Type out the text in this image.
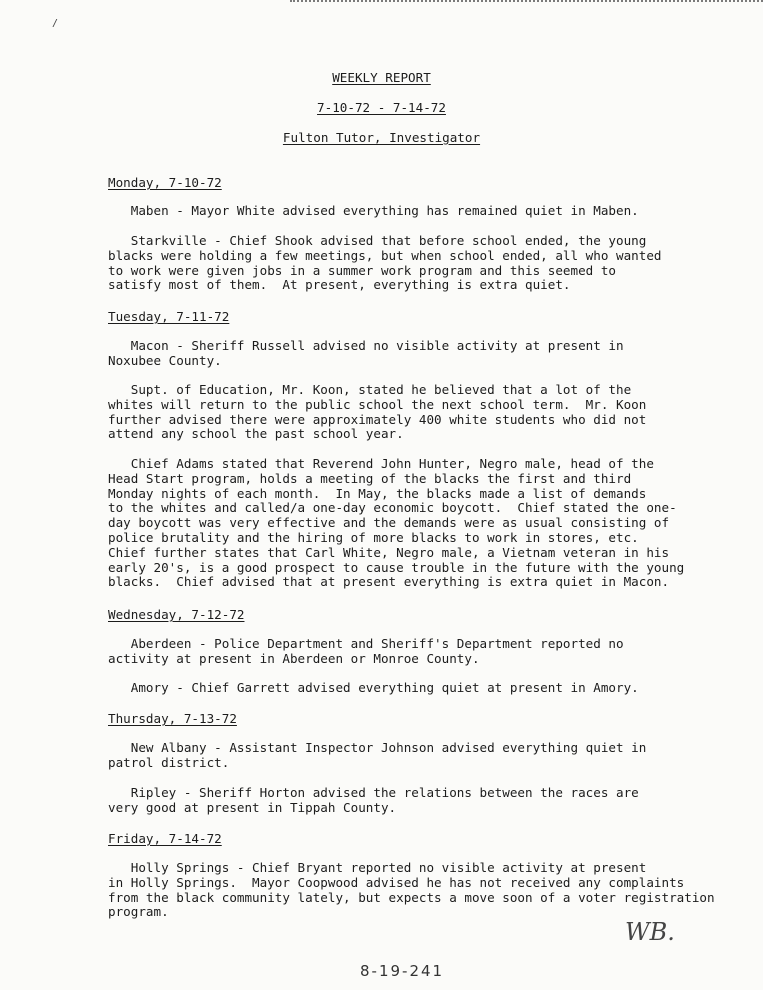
/
WEEKLY REPORT
7-10-72 - 7-14-72
Fulton Tutor, Investigator
Monday, 7-10-72
Maben - Mayor White advised everything has remained quiet in Maben.
Starkville - Chief Shook advised that before school ended, the young
blacks were holding a few meetings, but when school ended, all who wanted
to work were given jobs in a summer work program and this seemed to
satisfy most of them.  At present, everything is extra quiet.
Tuesday, 7-11-72
Macon - Sheriff Russell advised no visible activity at present in
Noxubee County.
Supt. of Education, Mr. Koon, stated he believed that a lot of the
whites will return to the public school the next school term.  Mr. Koon
further advised there were approximately 400 white students who did not
attend any school the past school year.
Chief Adams stated that Reverend John Hunter, Negro male, head of the
Head Start program, holds a meeting of the blacks the first and third
Monday nights of each month.  In May, the blacks made a list of demands
to the whites and called/a one-day economic boycott.  Chief stated the one-
day boycott was very effective and the demands were as usual consisting of
police brutality and the hiring of more blacks to work in stores, etc.
Chief further states that Carl White, Negro male, a Vietnam veteran in his
early 20's, is a good prospect to cause trouble in the future with the young
blacks.  Chief advised that at present everything is extra quiet in Macon.
Wednesday, 7-12-72
Aberdeen - Police Department and Sheriff's Department reported no
activity at present in Aberdeen or Monroe County.
Amory - Chief Garrett advised everything quiet at present in Amory.
Thursday, 7-13-72
New Albany - Assistant Inspector Johnson advised everything quiet in
patrol district.
Ripley - Sheriff Horton advised the relations between the races are
very good at present in Tippah County.
Friday, 7-14-72
Holly Springs - Chief Bryant reported no visible activity at present
in Holly Springs.  Mayor Coopwood advised he has not received any complaints
from the black community lately, but expects a move soon of a voter registration
program.
WB.
8-19-241
